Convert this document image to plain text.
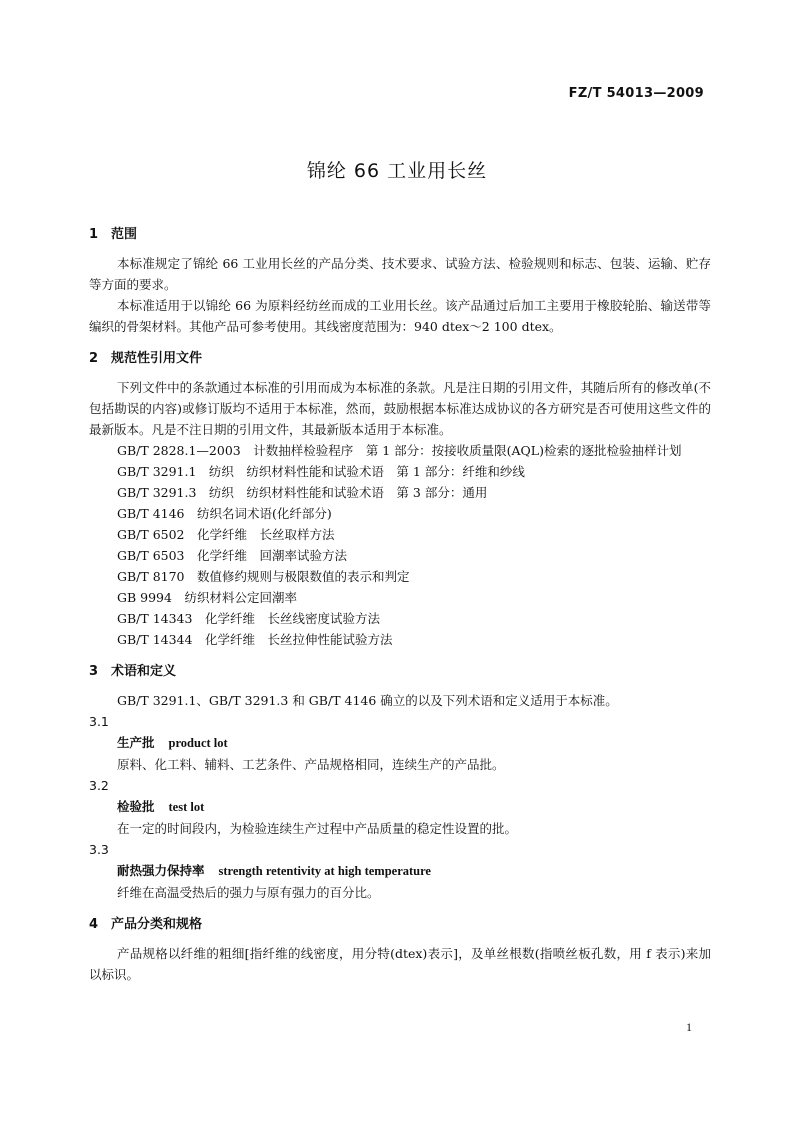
FZ/T 54013—2009
锦纶 66 工业用长丝
1 范围
本标准规定了锦纶 66 工业用长丝的产品分类、技术要求、试验方法、检验规则和标志、包装、运输、贮存等方面的要求。
本标准适用于以锦纶 66 为原料经纺丝而成的工业用长丝。该产品通过后加工主要用于橡胶轮胎、输送带等编织的骨架材料。其他产品可参考使用。其线密度范围为：940 dtex～2 100 dtex。
2 规范性引用文件
下列文件中的条款通过本标准的引用而成为本标准的条款。凡是注日期的引用文件，其随后所有的修改单(不包括勘误的内容)或修订版均不适用于本标准，然而，鼓励根据本标准达成协议的各方研究是否可使用这些文件的最新版本。凡是不注日期的引用文件，其最新版本适用于本标准。
GB/T 2828.1—2003　计数抽样检验程序　第 1 部分：按接收质量限(AQL)检索的逐批检验抽样计划
GB/T 3291.1　纺织　纺织材料性能和试验术语　第 1 部分：纤维和纱线
GB/T 3291.3　纺织　纺织材料性能和试验术语　第 3 部分：通用
GB/T 4146　纺织名词术语(化纤部分)
GB/T 6502　化学纤维　长丝取样方法
GB/T 6503　化学纤维　回潮率试验方法
GB/T 8170　数值修约规则与极限数值的表示和判定
GB 9994　纺织材料公定回潮率
GB/T 14343　化学纤维　长丝线密度试验方法
GB/T 14344　化学纤维　长丝拉伸性能试验方法
3 术语和定义
GB/T 3291.1、GB/T 3291.3 和 GB/T 4146 确立的以及下列术语和定义适用于本标准。
3.1
生产批 product lot
原料、化工料、辅料、工艺条件、产品规格相同，连续生产的产品批。
3.2
检验批 test lot
在一定的时间段内，为检验连续生产过程中产品质量的稳定性设置的批。
3.3
耐热强力保持率 strength retentivity at high temperature
纤维在高温受热后的强力与原有强力的百分比。
4 产品分类和规格
产品规格以纤维的粗细[指纤维的线密度，用分特(dtex)表示]，及单丝根数(指喷丝板孔数，用 f 表示)来加以标识。
1
